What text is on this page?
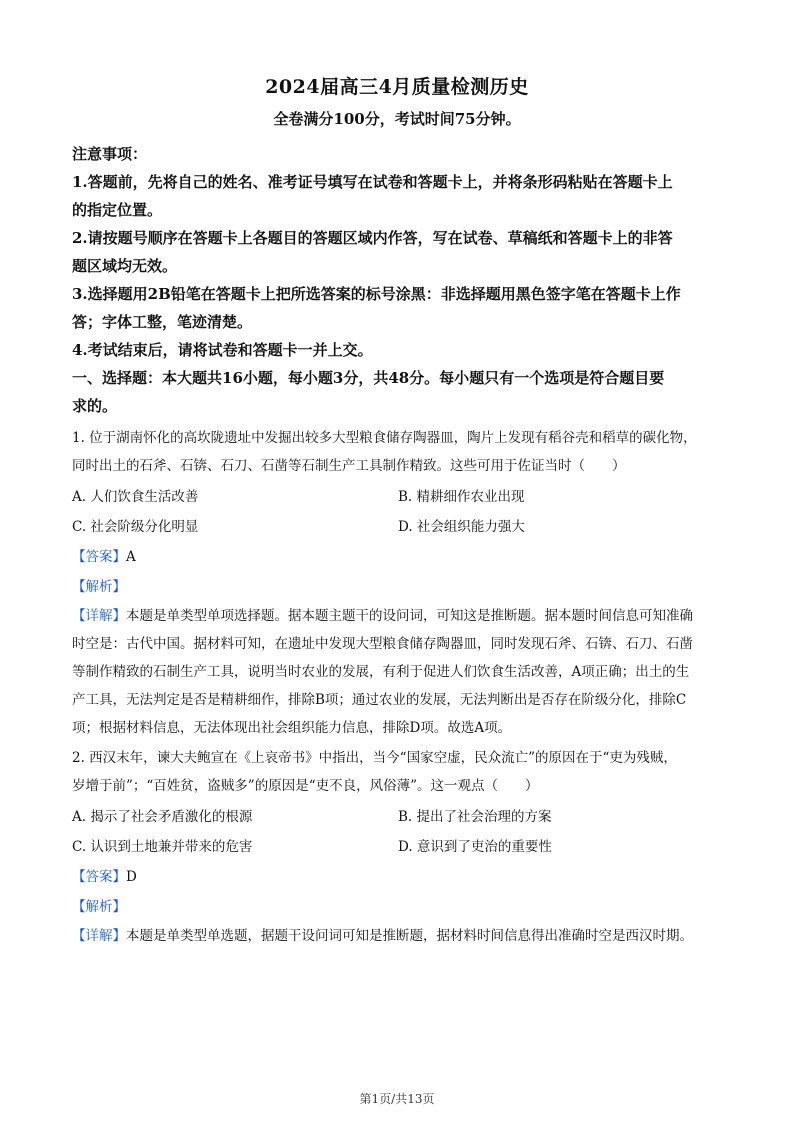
2024届高三4月质量检测历史
全卷满分100分，考试时间75分钟。

注意事项：

1.答题前，先将自己的姓名、准考证号填写在试卷和答题卡上，并将条形码粘贴在答题卡上

的指定位置。

2.请按题号顺序在答题卡上各题目的答题区域内作答，写在试卷、草稿纸和答题卡上的非答

题区域均无效。

3.选择题用2B铅笔在答题卡上把所选答案的标号涂黑：非选择题用黑色签字笔在答题卡上作

答；字体工整，笔迹清楚。

4.考试结束后，请将试卷和答题卡一并上交。

一、选择题：本大题共16小题，每小题3分，共48分。每小题只有一个选项是符合题目要

求的。

1. 位于湖南怀化的高坎陇遗址中发掘出较多大型粮食储存陶器皿，陶片上发现有稻谷壳和稻草的碳化物，

同时出土的石斧、石锛、石刀、石凿等石制生产工具制作精致。这些可用于佐证当时（　　）

A. 人们饮食生活改善	B. 精耕细作农业出现
C. 社会阶级分化明显	D. 社会组织能力强大

【答案】A

【解析】

【详解】本题是单类型单项选择题。据本题主题干的设问词，可知这是推断题。据本题时间信息可知准确

时空是：古代中国。据材料可知，在遗址中发现大型粮食储存陶器皿，同时发现石斧、石锛、石刀、石凿

等制作精致的石制生产工具，说明当时农业的发展，有利于促进人们饮食生活改善，A项正确；出土的生

产工具，无法判定是否是精耕细作，排除B项；通过农业的发展，无法判断出是否存在阶级分化，排除C

项；根据材料信息，无法体现出社会组织能力信息，排除D项。故选A项。

2. 西汉末年，谏大夫鲍宣在《上哀帝书》中指出，当今“国家空虚，民众流亡”的原因在于“吏为残贼，

岁增于前”；“百姓贫，盗贼多”的原因是“吏不良，风俗薄”。这一观点（　　）

A. 揭示了社会矛盾激化的根源	B. 提出了社会治理的方案
C. 认识到土地兼并带来的危害	D. 意识到了吏治的重要性

【答案】D

【解析】

【详解】本题是单类型单选题，据题干设问词可知是推断题，据材料时间信息得出准确时空是西汉时期。

第1页/共13页
